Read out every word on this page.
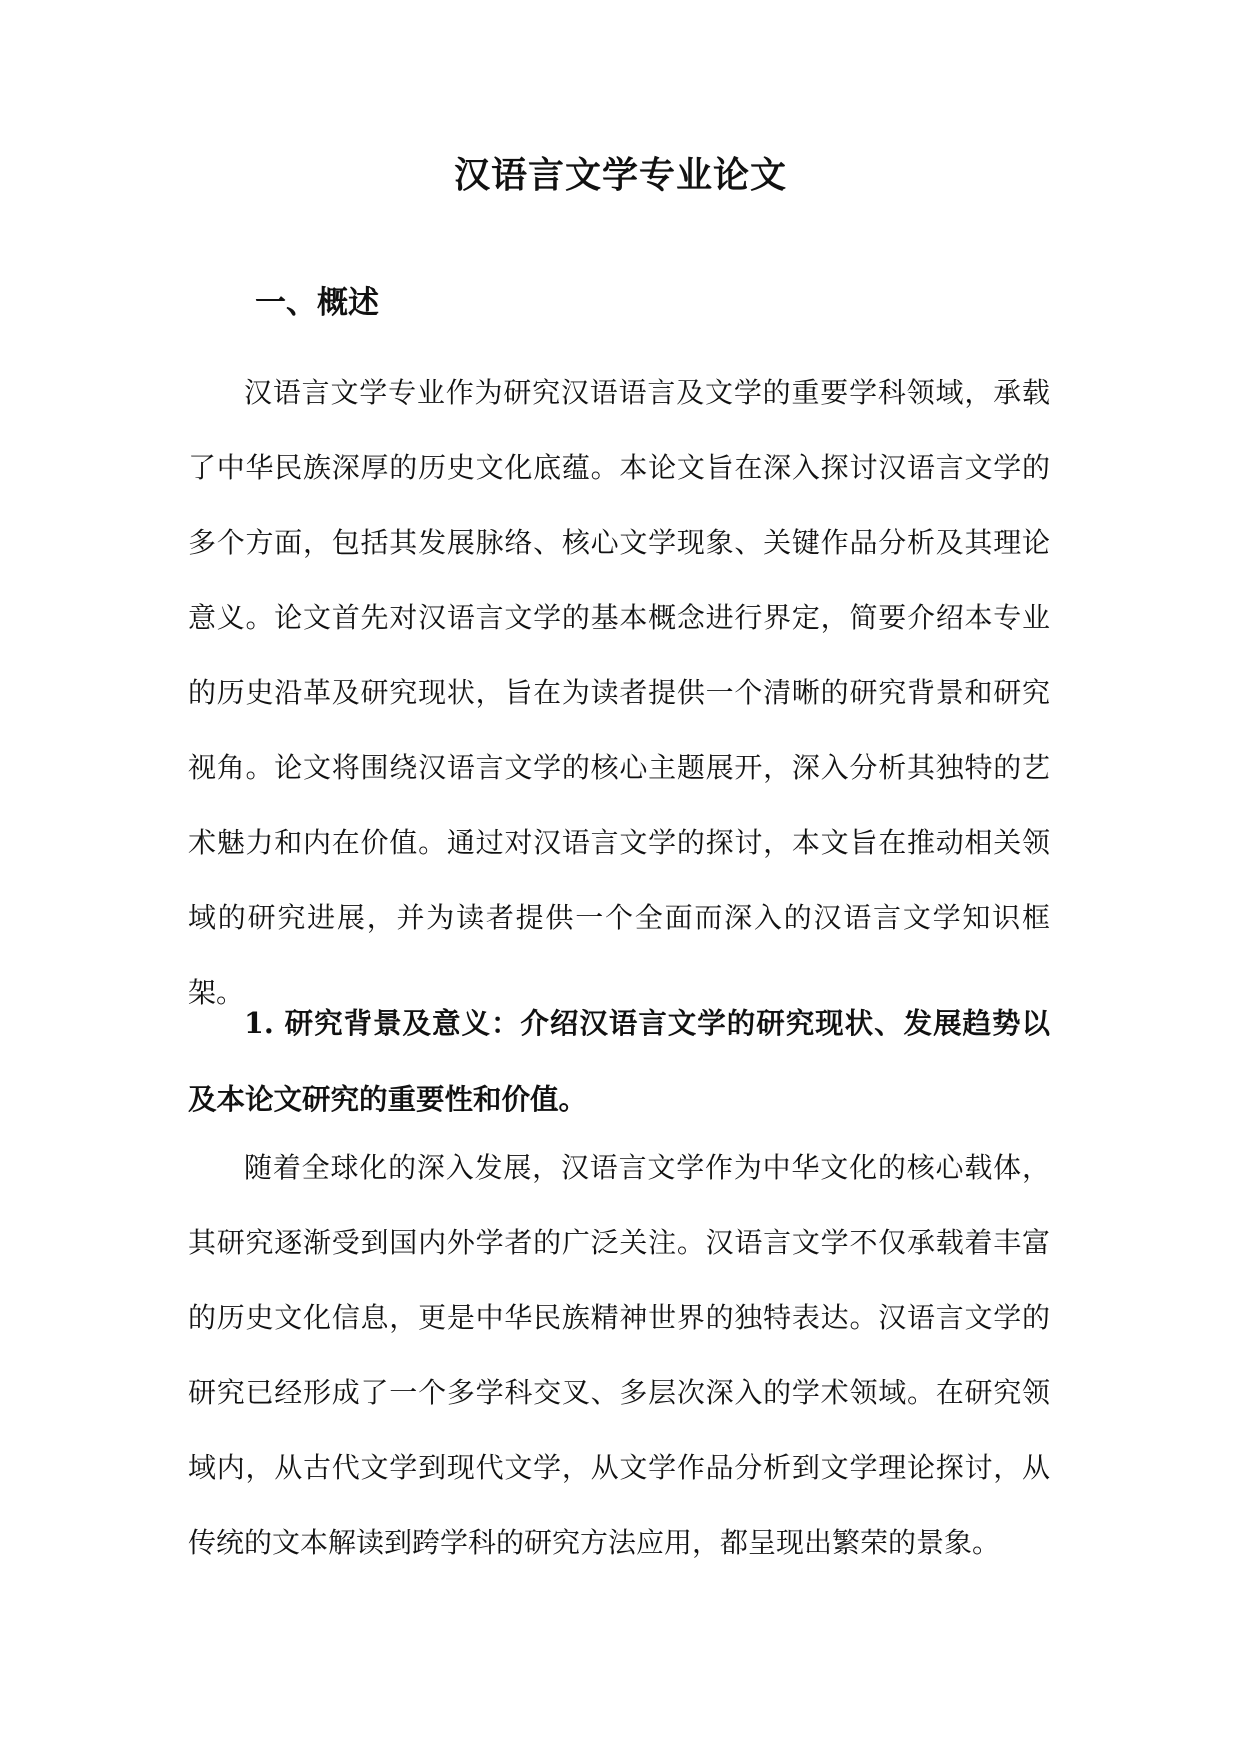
汉语言文学专业论文
一、概述

汉语言文学专业作为研究汉语语言及文学的重要学科领域，承载了中华民族深厚的历史文化底蕴。本论文旨在深入探讨汉语言文学的多个方面，包括其发展脉络、核心文学现象、关键作品分析及其理论意义。论文首先对汉语言文学的基本概念进行界定，简要介绍本专业的历史沿革及研究现状，旨在为读者提供一个清晰的研究背景和研究视角。论文将围绕汉语言文学的核心主题展开，深入分析其独特的艺术魅力和内在价值。通过对汉语言文学的探讨，本文旨在推动相关领域的研究进展，并为读者提供一个全面而深入的汉语言文学知识框架。

1. 研究背景及意义：介绍汉语言文学的研究现状、发展趋势以及本论文研究的重要性和价值。

随着全球化的深入发展，汉语言文学作为中华文化的核心载体，其研究逐渐受到国内外学者的广泛关注。汉语言文学不仅承载着丰富的历史文化信息，更是中华民族精神世界的独特表达。汉语言文学的研究已经形成了一个多学科交叉、多层次深入的学术领域。在研究领域内，从古代文学到现代文学，从文学作品分析到文学理论探讨，从传统的文本解读到跨学科的研究方法应用，都呈现出繁荣的景象。
